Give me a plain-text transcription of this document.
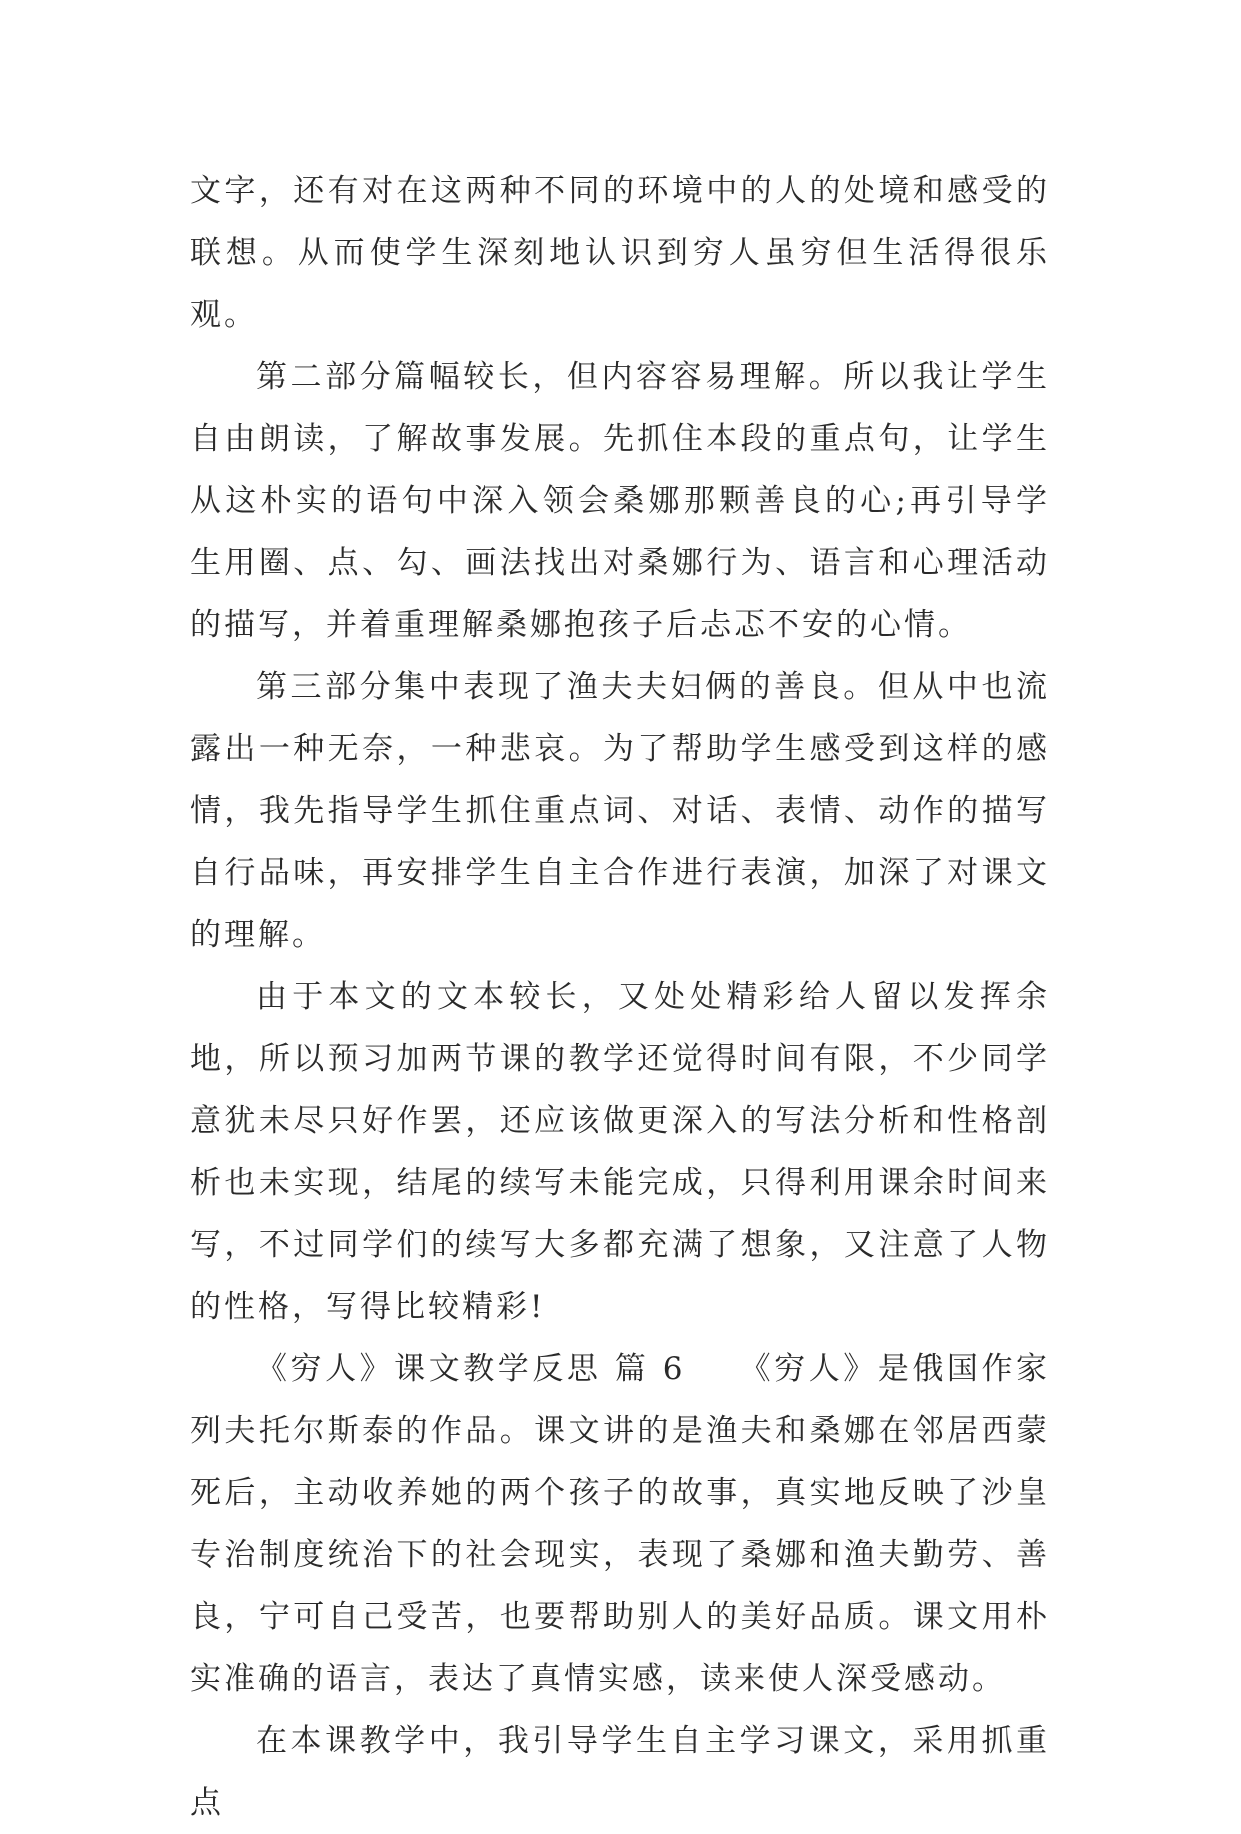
文字，还有对在这两种不同的环境中的人的处境和感受的联想。从而使学生深刻地认识到穷人虽穷但生活得很乐观。

第二部分篇幅较长，但内容容易理解。所以我让学生自由朗读，了解故事发展。先抓住本段的重点句，让学生从这朴实的语句中深入领会桑娜那颗善良的心;再引导学生用圈、点、勾、画法找出对桑娜行为、语言和心理活动的描写，并着重理解桑娜抱孩子后忐忑不安的心情。

第三部分集中表现了渔夫夫妇俩的善良。但从中也流露出一种无奈，一种悲哀。为了帮助学生感受到这样的感情，我先指导学生抓住重点词、对话、表情、动作的描写自行品味，再安排学生自主合作进行表演，加深了对课文的理解。

由于本文的文本较长，又处处精彩给人留以发挥余地，所以预习加两节课的教学还觉得时间有限，不少同学意犹未尽只好作罢，还应该做更深入的写法分析和性格剖析也未实现，结尾的续写未能完成，只得利用课余时间来写，不过同学们的续写大多都充满了想象，又注意了人物的性格，写得比较精彩!

《穷人》课文教学反思 篇 6　　《穷人》是俄国作家列夫托尔斯泰的作品。课文讲的是渔夫和桑娜在邻居西蒙死后，主动收养她的两个孩子的故事，真实地反映了沙皇专治制度统治下的社会现实，表现了桑娜和渔夫勤劳、善良，宁可自己受苦，也要帮助别人的美好品质。课文用朴实准确的语言，表达了真情实感，读来使人深受感动。

在本课教学中，我引导学生自主学习课文，采用抓重点
